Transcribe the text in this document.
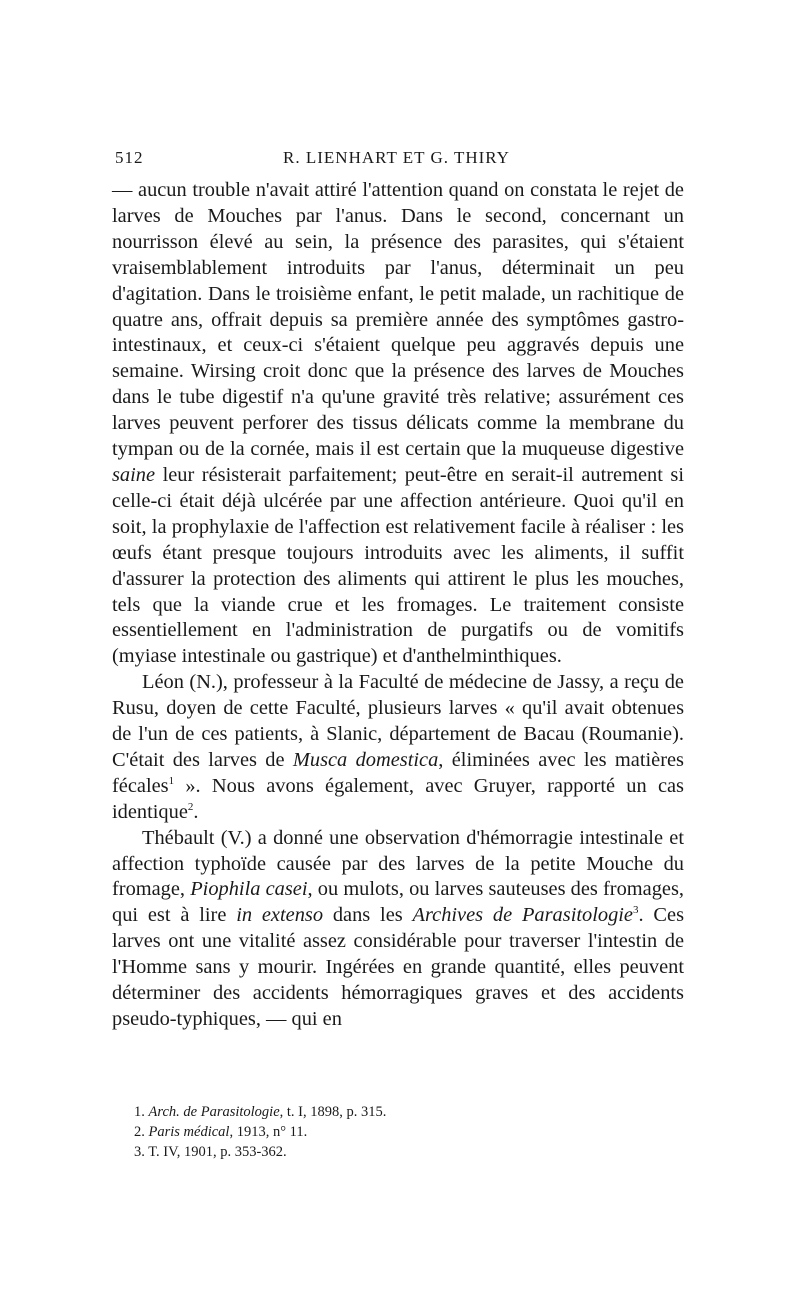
512	R. LIENHART ET G. THIRY

— aucun trouble n'avait attiré l'attention quand on constata le rejet de larves de Mouches par l'anus. Dans le second, concernant un nourrisson élevé au sein, la présence des parasites, qui s'étaient vraisemblablement introduits par l'anus, déterminait un peu d'agitation. Dans le troisième enfant, le petit malade, un rachitique de quatre ans, offrait depuis sa première année des symptômes gastro-intestinaux, et ceux-ci s'étaient quelque peu aggravés depuis une semaine. Wirsing croit donc que la présence des larves de Mouches dans le tube digestif n'a qu'une gravité très relative; assurément ces larves peuvent perforer des tissus délicats comme la membrane du tympan ou de la cornée, mais il est certain que la muqueuse digestive saine leur résisterait parfaitement; peut-être en serait-il autrement si celle-ci était déjà ulcérée par une affection antérieure. Quoi qu'il en soit, la prophylaxie de l'affection est relativement facile à réaliser : les œufs étant presque toujours introduits avec les aliments, il suffit d'assurer la protection des aliments qui attirent le plus les mouches, tels que la viande crue et les fromages. Le traitement consiste essentiellement en l'administration de purgatifs ou de vomitifs (myiase intestinale ou gastrique) et d'anthelminthiques.

Léon (N.), professeur à la Faculté de médecine de Jassy, a reçu de Rusu, doyen de cette Faculté, plusieurs larves « qu'il avait obtenues de l'un de ces patients, à Slanic, département de Bacau (Roumanie). C'était des larves de Musca domestica, éliminées avec les matières fécales$^1$ ». Nous avons également, avec Gruyer, rapporté un cas identique$^2$.

Thébault (V.) a donné une observation d'hémorragie intestinale et affection typhoïde causée par des larves de la petite Mouche du fromage, Piophila casei, ou mulots, ou larves sauteuses des fromages, qui est à lire in extenso dans les Archives de Parasitologie$^3$. Ces larves ont une vitalité assez considérable pour traverser l'intestin de l'Homme sans y mourir. Ingérées en grande quantité, elles peuvent déterminer des accidents hémorragiques graves et des accidents pseudo-typhiques, — qui en

1. Arch. de Parasitologie, t. I, 1898, p. 315.
2. Paris médical, 1913, n° 11.
3. T. IV, 1901, p. 353-362.
